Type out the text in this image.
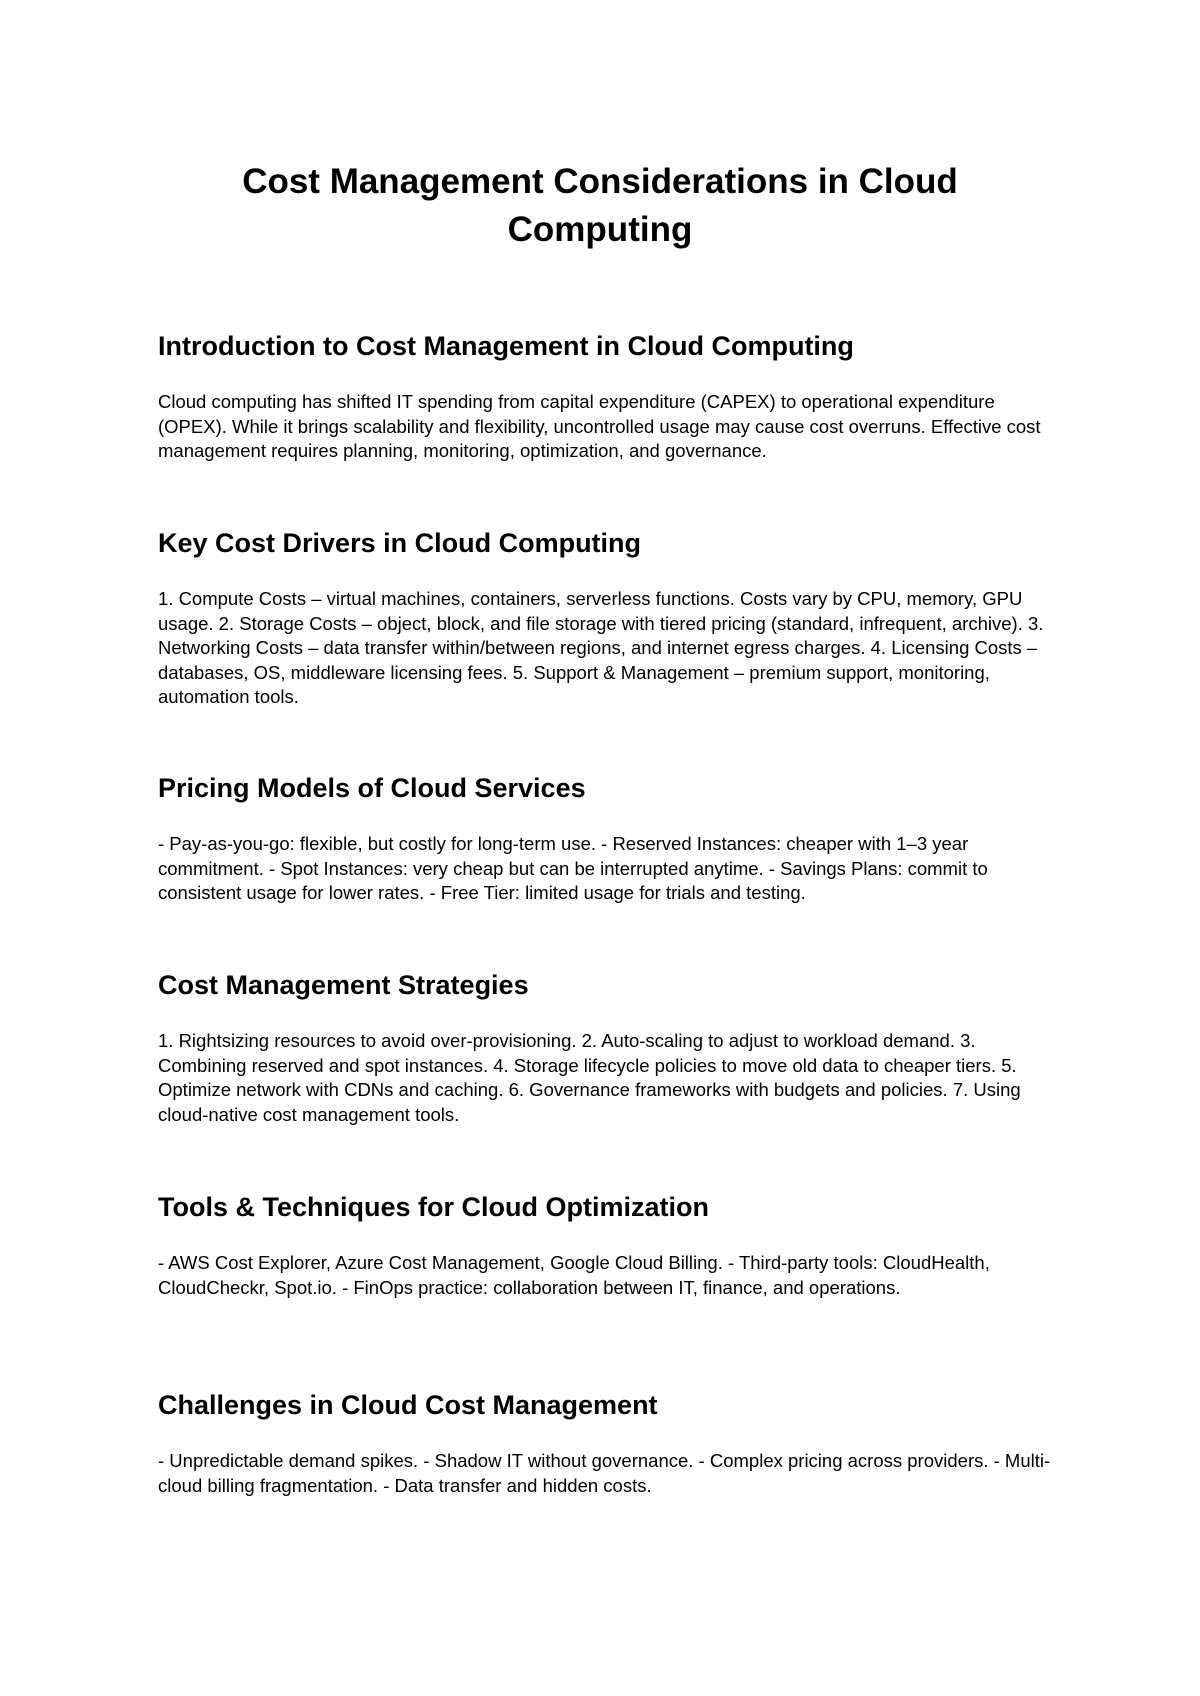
Cost Management Considerations in Cloud Computing
Introduction to Cost Management in Cloud Computing

Cloud computing has shifted IT spending from capital expenditure (CAPEX) to operational expenditure (OPEX). While it brings scalability and flexibility, uncontrolled usage may cause cost overruns. Effective cost management requires planning, monitoring, optimization, and governance.

Key Cost Drivers in Cloud Computing

1. Compute Costs – virtual machines, containers, serverless functions. Costs vary by CPU, memory, GPU usage. 2. Storage Costs – object, block, and file storage with tiered pricing (standard, infrequent, archive). 3. Networking Costs – data transfer within/between regions, and internet egress charges. 4. Licensing Costs – databases, OS, middleware licensing fees. 5. Support & Management – premium support, monitoring, automation tools.

Pricing Models of Cloud Services

- Pay-as-you-go: flexible, but costly for long-term use. - Reserved Instances: cheaper with 1–3 year commitment. - Spot Instances: very cheap but can be interrupted anytime. - Savings Plans: commit to consistent usage for lower rates. - Free Tier: limited usage for trials and testing.

Cost Management Strategies

1. Rightsizing resources to avoid over-provisioning. 2. Auto-scaling to adjust to workload demand. 3. Combining reserved and spot instances. 4. Storage lifecycle policies to move old data to cheaper tiers. 5. Optimize network with CDNs and caching. 6. Governance frameworks with budgets and policies. 7. Using cloud-native cost management tools.

Tools & Techniques for Cloud Optimization

- AWS Cost Explorer, Azure Cost Management, Google Cloud Billing. - Third-party tools: CloudHealth, CloudCheckr, Spot.io. - FinOps practice: collaboration between IT, finance, and operations.

Challenges in Cloud Cost Management

- Unpredictable demand spikes. - Shadow IT without governance. - Complex pricing across providers. - Multi-cloud billing fragmentation. - Data transfer and hidden costs.
